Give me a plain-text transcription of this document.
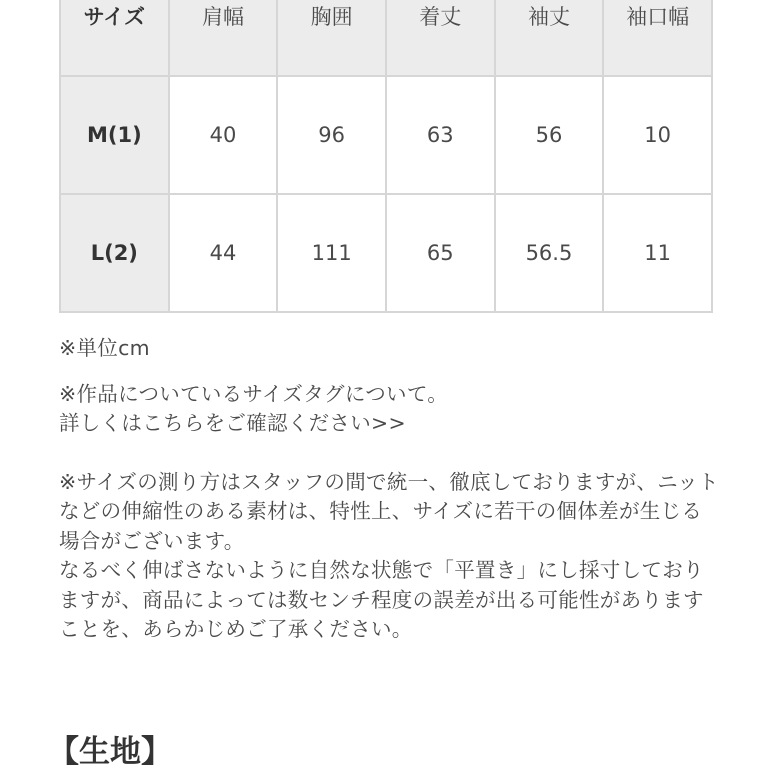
サイズ	肩幅	胸囲	着丈	袖丈	袖口幅
M(1)	40	96	63	56	10
L(2)	44	111	65	56.5	11

※単位cm

※作品についているサイズタグについて。

詳しくはこちらをご確認ください>>

※サイズの測り方はスタッフの間で統一、徹底しておりますが、ニットなどの伸縮性のある素材は、特性上、サイズに若干の個体差が生じる場合がございます。

なるべく伸ばさないように自然な状態で「平置き」にし採寸しておりますが、商品によっては数センチ程度の誤差が出る可能性がありますことを、あらかじめご了承ください。

【生地】
